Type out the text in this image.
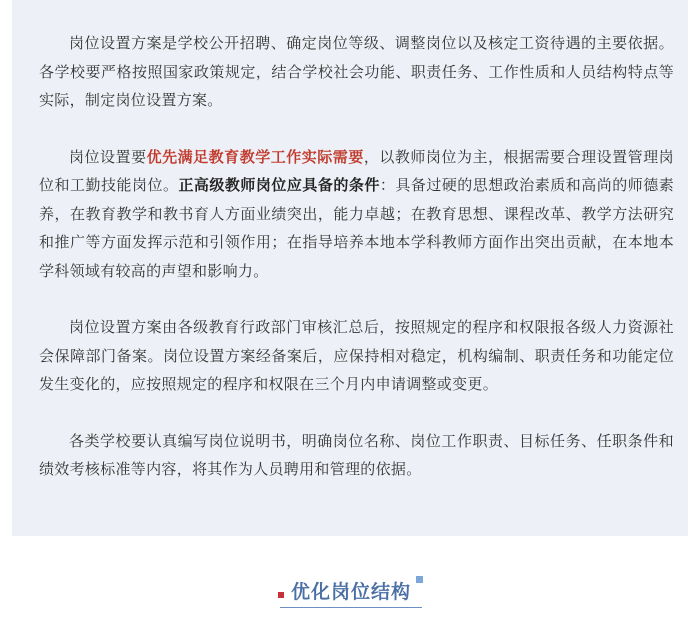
岗位设置方案是学校公开招聘、确定岗位等级、调整岗位以及核定工资待遇的主要依据。各学校要严格按照国家政策规定，结合学校社会功能、职责任务、工作性质和人员结构特点等实际，制定岗位设置方案。

岗位设置要优先满足教育教学工作实际需要，以教师岗位为主，根据需要合理设置管理岗位和工勤技能岗位。正高级教师岗位应具备的条件：具备过硬的思想政治素质和高尚的师德素养，在教育教学和教书育人方面业绩突出，能力卓越；在教育思想、课程改革、教学方法研究和推广等方面发挥示范和引领作用；在指导培养本地本学科教师方面作出突出贡献，在本地本学科领域有较高的声望和影响力。

岗位设置方案由各级教育行政部门审核汇总后，按照规定的程序和权限报各级人力资源社会保障部门备案。岗位设置方案经备案后，应保持相对稳定，机构编制、职责任务和功能定位发生变化的，应按照规定的程序和权限在三个月内申请调整或变更。

各类学校要认真编写岗位说明书，明确岗位名称、岗位工作职责、目标任务、任职条件和绩效考核标准等内容，将其作为人员聘用和管理的依据。

优化岗位结构
